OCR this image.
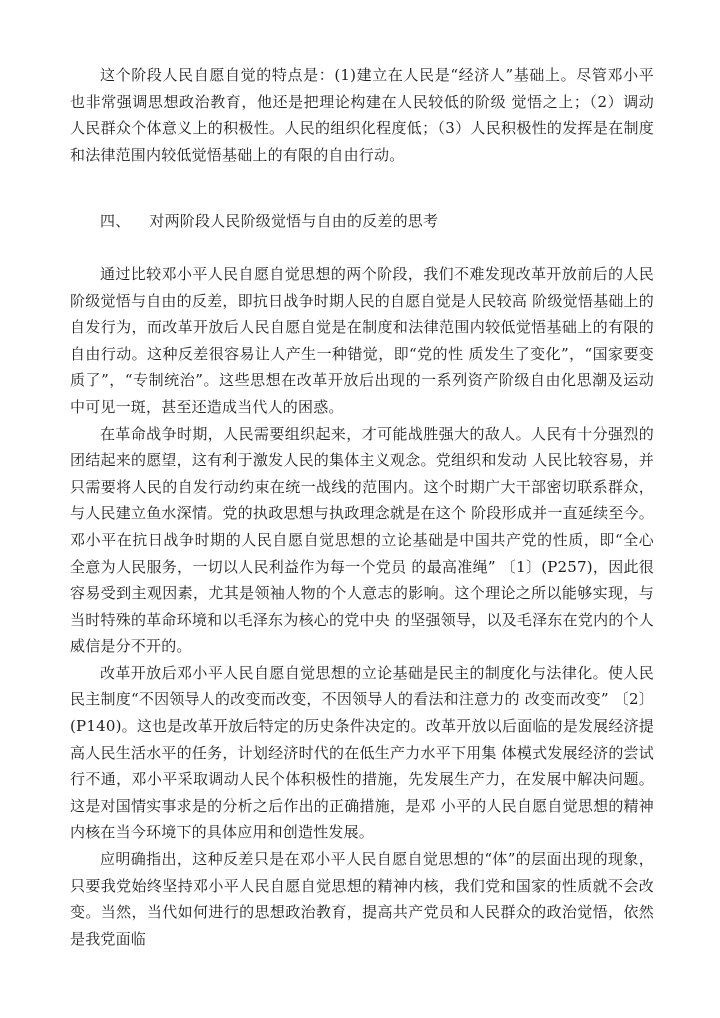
这个阶段人民自愿自觉的特点是：(1)建立在人民是“经济人”基础上。尽管邓小平也非常强调思想政治教育，他还是把理论构建在人民较低的阶级 觉悟之上；（2）调动人民群众个体意义上的积极性。人民的组织化程度低；（3）人民积极性的发挥是在制度和法律范围内较低觉悟基础上的有限的自由行动。

四、 对两阶段人民阶级觉悟与自由的反差的思考

通过比较邓小平人民自愿自觉思想的两个阶段，我们不难发现改革开放前后的人民阶级觉悟与自由的反差，即抗日战争时期人民的自愿自觉是人民较高 阶级觉悟基础上的自发行为，而改革开放后人民自愿自觉是在制度和法律范围内较低觉悟基础上的有限的自由行动。这种反差很容易让人产生一种错觉，即“党的性 质发生了变化”，“国家要变质了”，“专制统治”。这些思想在改革开放后出现的一系列资产阶级自由化思潮及运动中可见一斑，甚至还造成当代人的困惑。

在革命战争时期，人民需要组织起来，才可能战胜强大的敌人。人民有十分强烈的团结起来的愿望，这有利于激发人民的集体主义观念。党组织和发动 人民比较容易，并只需要将人民的自发行动约束在统一战线的范围内。这个时期广大干部密切联系群众，与人民建立鱼水深情。党的执政思想与执政理念就是在这个 阶段形成并一直延续至今。邓小平在抗日战争时期的人民自愿自觉思想的立论基础是中国共产党的性质，即“全心全意为人民服务，一切以人民利益作为每一个党员 的最高准绳” 〔1〕(P257)，因此很容易受到主观因素，尤其是领袖人物的个人意志的影响。这个理论之所以能够实现，与当时特殊的革命环境和以毛泽东为核心的党中央 的坚强领导，以及毛泽东在党内的个人威信是分不开的。

改革开放后邓小平人民自愿自觉思想的立论基础是民主的制度化与法律化。使人民民主制度“不因领导人的改变而改变，不因领导人的看法和注意力的 改变而改变” 〔2〕(P140)。这也是改革开放后特定的历史条件决定的。改革开放以后面临的是发展经济提高人民生活水平的任务，计划经济时代的在低生产力水平下用集 体模式发展经济的尝试行不通，邓小平采取调动人民个体积极性的措施，先发展生产力，在发展中解决问题。这是对国情实事求是的分析之后作出的正确措施，是邓 小平的人民自愿自觉思想的精神内核在当今环境下的具体应用和创造性发展。

应明确指出，这种反差只是在邓小平人民自愿自觉思想的“体”的层面出现的现象，只要我党始终坚持邓小平人民自愿自觉思想的精神内核，我们党和国家的性质就不会改变。当然，当代如何进行的思想政治教育，提高共产党员和人民群众的政治觉悟，依然是我党面临
